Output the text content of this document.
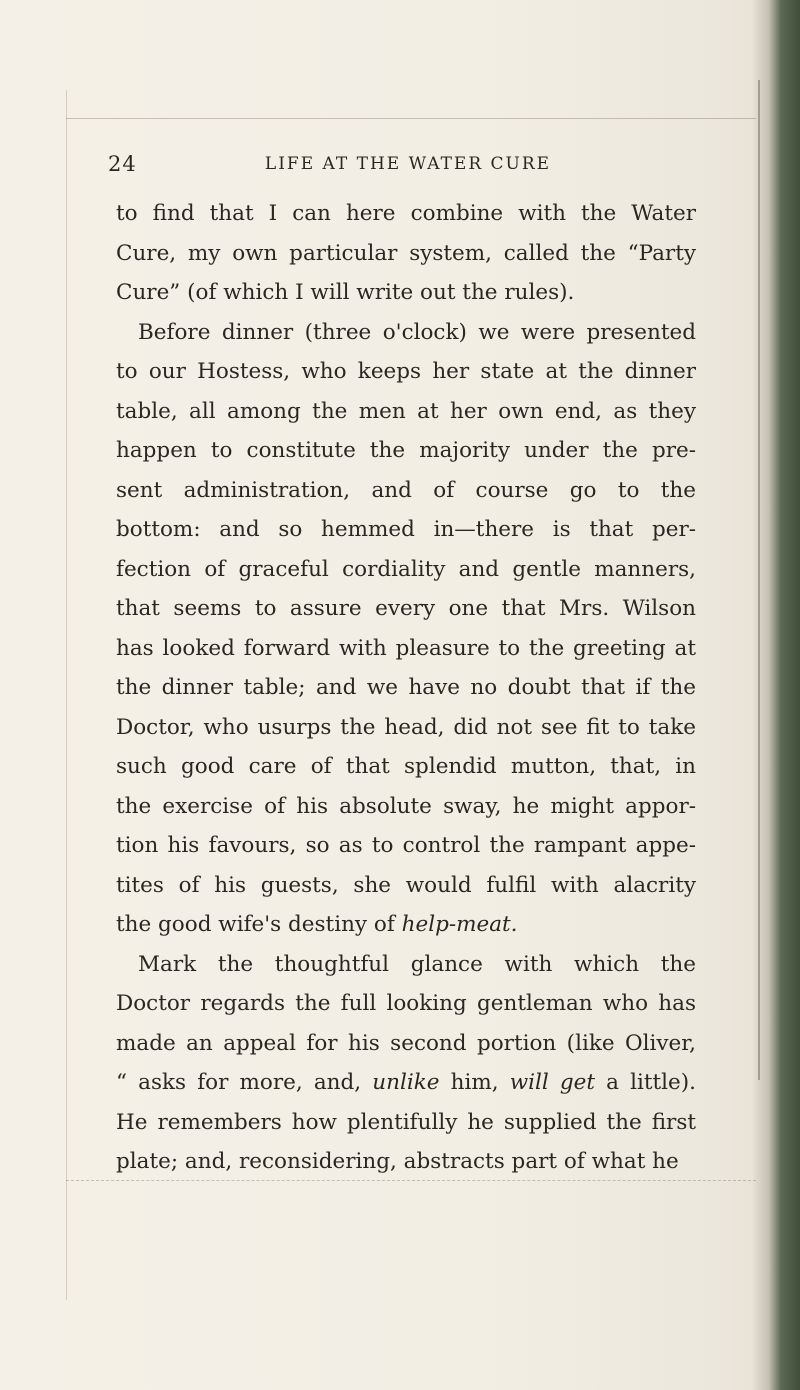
24	LIFE AT THE WATER CURE
to find that I can here combine with the Water
Cure, my own particular system, called the “Party
Cure” (of which I will write out the rules).
Before dinner (three o'clock) we were presented
to our Hostess, who keeps her state at the dinner
table, all among the men at her own end, as they
happen to constitute the majority under the pre-
sent administration, and of course go to the
bottom: and so hemmed in—there is that per-
fection of graceful cordiality and gentle manners,
that seems to assure every one that Mrs. Wilson
has looked forward with pleasure to the greeting at
the dinner table; and we have no doubt that if the
Doctor, who usurps the head, did not see fit to take
such good care of that splendid mutton, that, in
the exercise of his absolute sway, he might appor-
tion his favours, so as to control the rampant appe-
tites of his guests, she would fulfil with alacrity
the good wife's destiny of help-meat.
Mark the thoughtful glance with which the
Doctor regards the full looking gentleman who has
made an appeal for his second portion (like Oliver,
“ asks for more, and, unlike him, will get a little).
He remembers how plentifully he supplied the first
plate; and, reconsidering, abstracts part of what he
